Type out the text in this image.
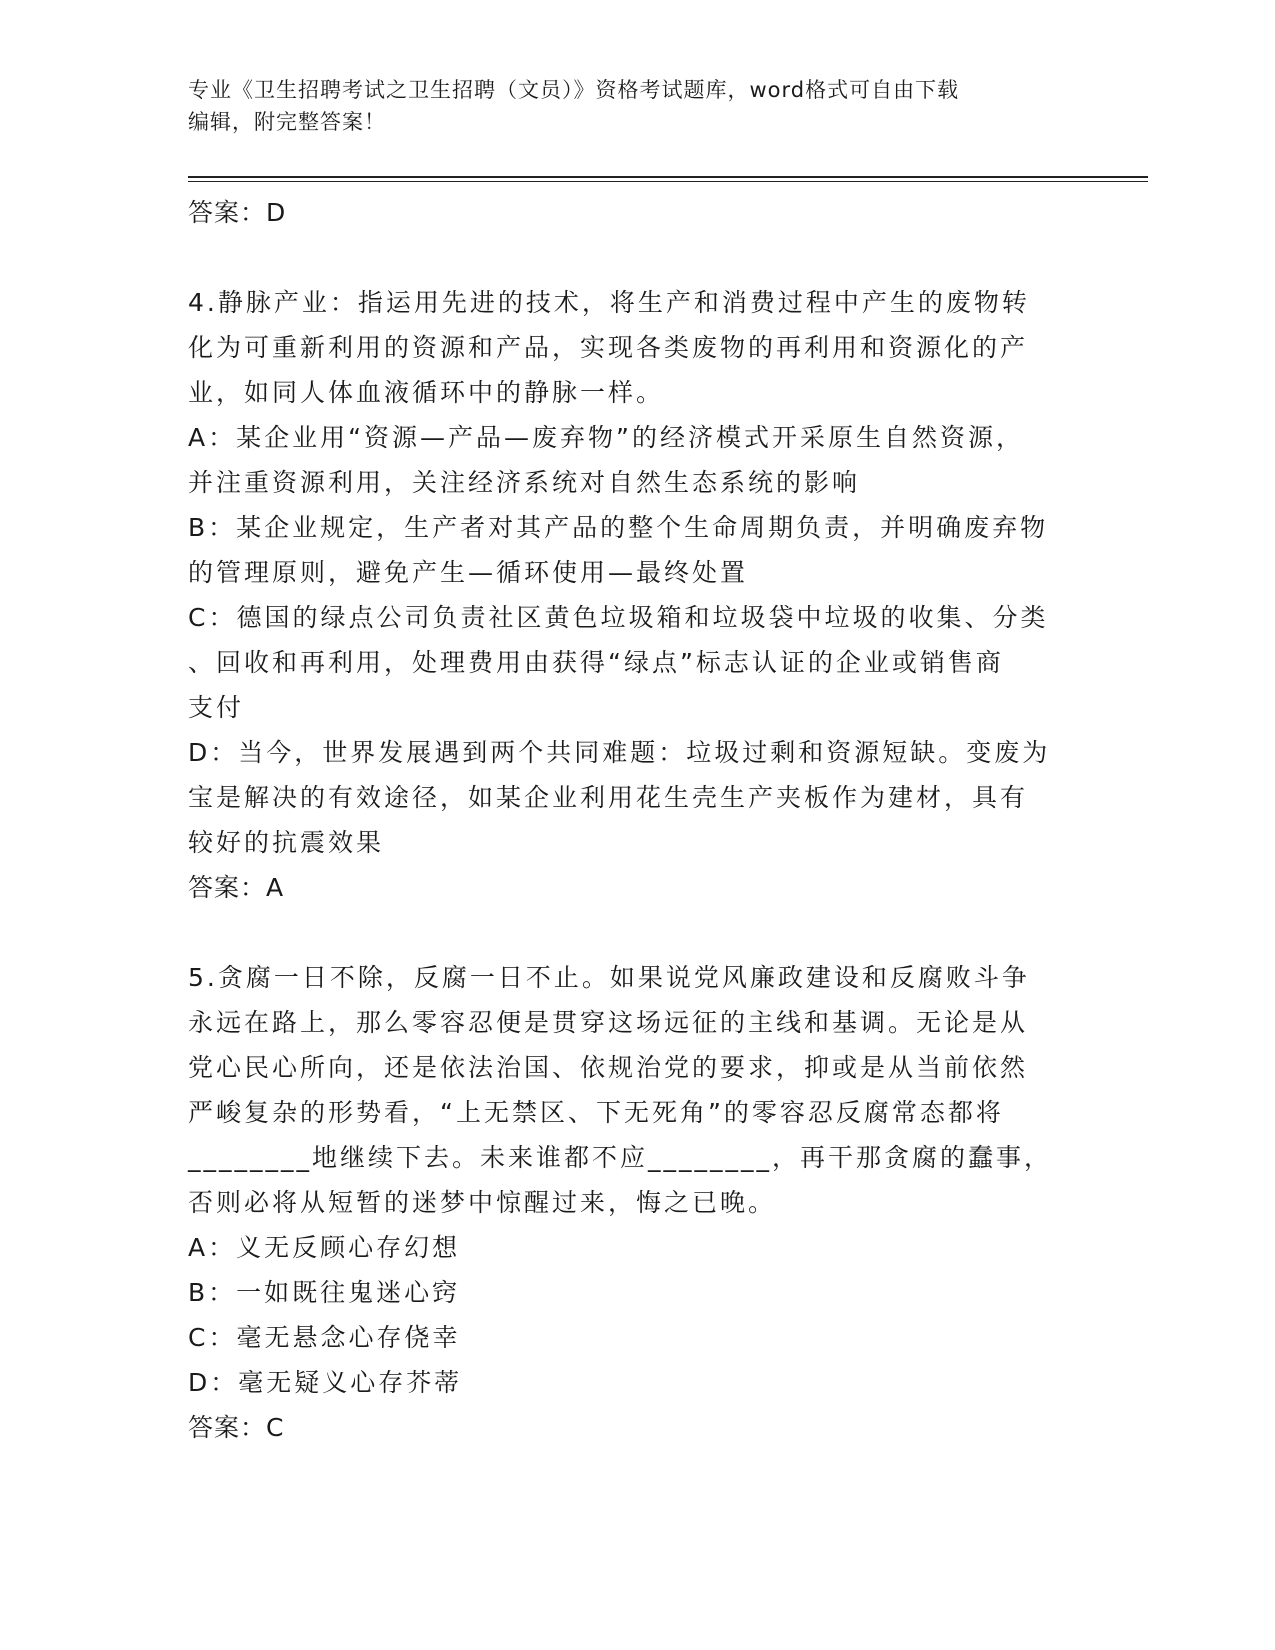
专业《卫生招聘考试之卫生招聘（文员）》资格考试题库，word格式可自由下载
编辑，附完整答案！
答案：D
4.静脉产业：指运用先进的技术，将生产和消费过程中产生的废物转
化为可重新利用的资源和产品，实现各类废物的再利用和资源化的产
业，如同人体血液循环中的静脉一样。
A：某企业用“资源—产品—废弃物”的经济模式开采原生自然资源，
并注重资源利用，关注经济系统对自然生态系统的影响
B：某企业规定，生产者对其产品的整个生命周期负责，并明确废弃物
的管理原则，避免产生—循环使用—最终处置
C：德国的绿点公司负责社区黄色垃圾箱和垃圾袋中垃圾的收集、分类
、回收和再利用，处理费用由获得“绿点”标志认证的企业或销售商
支付
D：当今，世界发展遇到两个共同难题：垃圾过剩和资源短缺。变废为
宝是解决的有效途径，如某企业利用花生壳生产夹板作为建材，具有
较好的抗震效果
答案：A
5.贪腐一日不除，反腐一日不止。如果说党风廉政建设和反腐败斗争
永远在路上，那么零容忍便是贯穿这场远征的主线和基调。无论是从
党心民心所向，还是依法治国、依规治党的要求，抑或是从当前依然
严峻复杂的形势看，“上无禁区、下无死角”的零容忍反腐常态都将
________地继续下去。未来谁都不应________，再干那贪腐的蠢事，
否则必将从短暂的迷梦中惊醒过来，悔之已晚。
A：义无反顾心存幻想
B：一如既往鬼迷心窍
C：毫无悬念心存侥幸
D：毫无疑义心存芥蒂
答案：C
